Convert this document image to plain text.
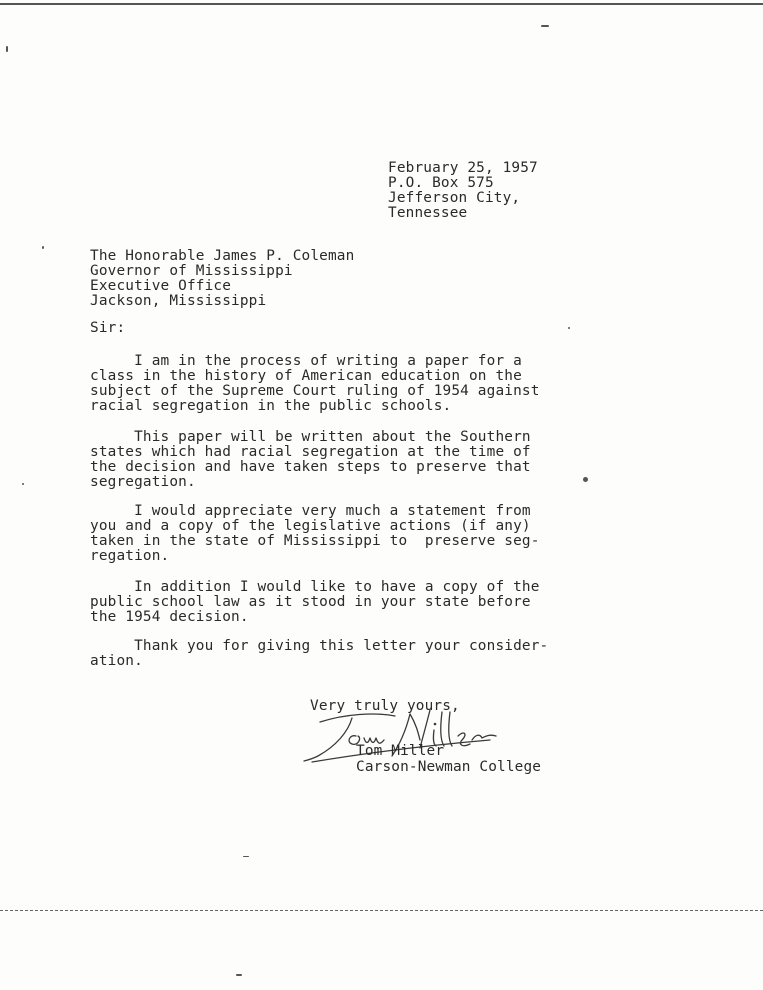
February 25, 1957
P.O. Box 575
Jefferson City,
Tennessee
The Honorable James P. Coleman
Governor of Mississippi
Executive Office
Jackson, Mississippi
Sir:
I am in the process of writing a paper for a
class in the history of American education on the
subject of the Supreme Court ruling of 1954 against
racial segregation in the public schools.
This paper will be written about the Southern
states which had racial segregation at the time of
the decision and have taken steps to preserve that
segregation.
I would appreciate very much a statement from
you and a copy of the legislative actions (if any)
taken in the state of Mississippi to  preserve seg-
regation.
In addition I would like to have a copy of the
public school law as it stood in your state before
the 1954 decision.
Thank you for giving this letter your consider-
ation.
Very truly yours,
Tom Miller
Carson-Newman College
